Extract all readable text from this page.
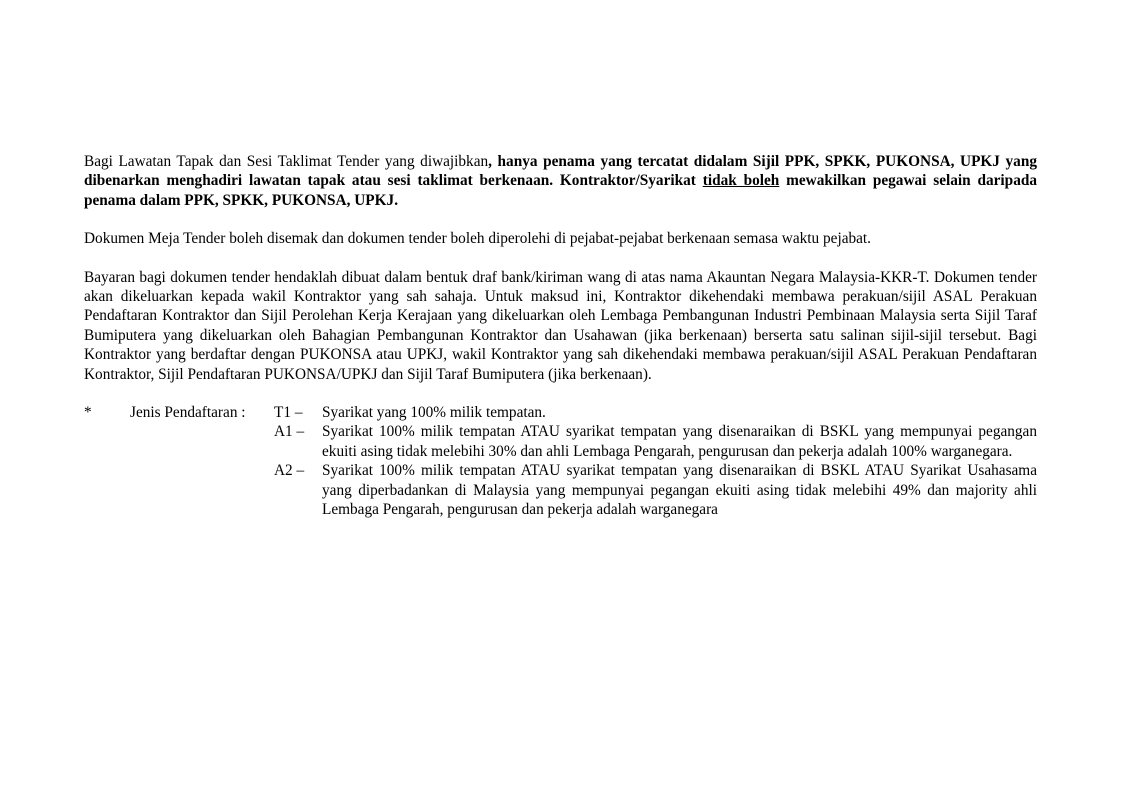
Bagi Lawatan Tapak dan Sesi Taklimat Tender yang diwajibkan, hanya penama yang tercatat didalam Sijil PPK, SPKK, PUKONSA, UPKJ yang dibenarkan menghadiri lawatan tapak atau sesi taklimat berkenaan. Kontraktor/Syarikat tidak boleh mewakilkan pegawai selain daripada penama dalam PPK, SPKK, PUKONSA, UPKJ.

Dokumen Meja Tender boleh disemak dan dokumen tender boleh diperolehi di pejabat-pejabat berkenaan semasa waktu pejabat.

Bayaran bagi dokumen tender hendaklah dibuat dalam bentuk draf bank/kiriman wang di atas nama Akauntan Negara Malaysia-KKR-T. Dokumen tender akan dikeluarkan kepada wakil Kontraktor yang sah sahaja. Untuk maksud ini, Kontraktor dikehendaki membawa perakuan/sijil ASAL Perakuan Pendaftaran Kontraktor dan Sijil Perolehan Kerja Kerajaan yang dikeluarkan oleh Lembaga Pembangunan Industri Pembinaan Malaysia serta Sijil Taraf Bumiputera yang dikeluarkan oleh Bahagian Pembangunan Kontraktor dan Usahawan (jika berkenaan) berserta satu salinan sijil-sijil tersebut. Bagi Kontraktor yang berdaftar dengan PUKONSA atau UPKJ, wakil Kontraktor yang sah dikehendaki membawa perakuan/sijil ASAL Perakuan Pendaftaran Kontraktor, Sijil Pendaftaran PUKONSA/UPKJ dan Sijil Taraf Bumiputera (jika berkenaan).

*	Jenis Pendaftaran :	T1 –	Syarikat yang 100% milik tempatan.
A1 –	Syarikat 100% milik tempatan ATAU syarikat tempatan yang disenaraikan di BSKL yang mempunyai pegangan ekuiti asing tidak melebihi 30% dan ahli Lembaga Pengarah, pengurusan dan pekerja adalah 100% warganegara.
A2 –	Syarikat 100% milik tempatan ATAU syarikat tempatan yang disenaraikan di BSKL ATAU Syarikat Usahasama yang diperbadankan di Malaysia yang mempunyai pegangan ekuiti asing tidak melebihi 49% dan majority ahli Lembaga Pengarah, pengurusan dan pekerja adalah warganegara
